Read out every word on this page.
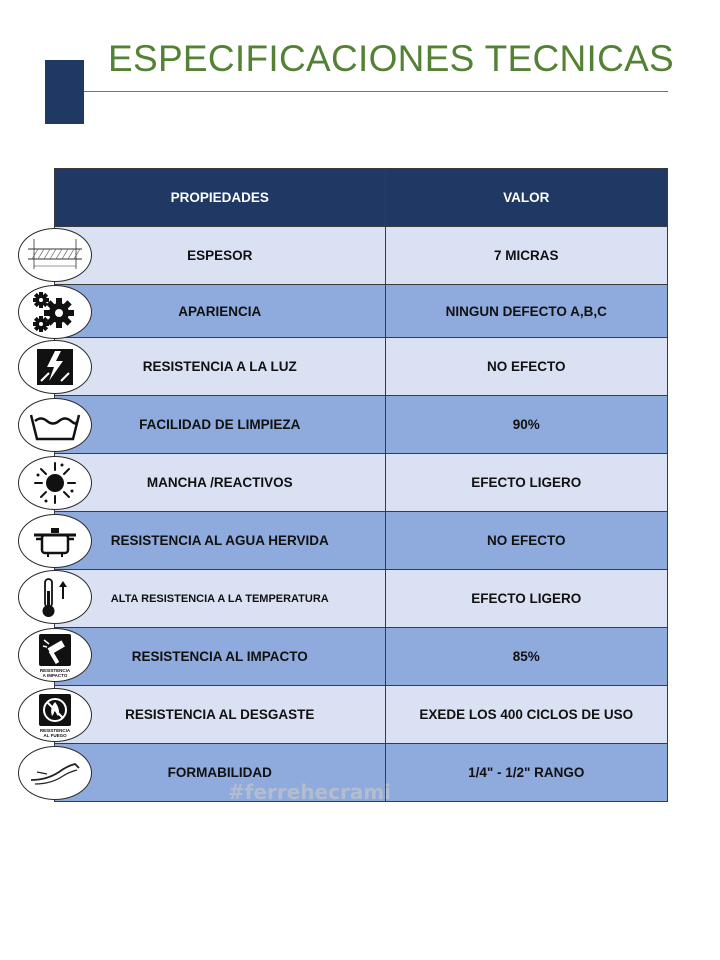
ESPECIFICACIONES TECNICAS
PROPIEDADES	VALOR
ESPESOR	7 MICRAS
APARIENCIA	NINGUN DEFECTO A,B,C
RESISTENCIA A LA LUZ	NO EFECTO
FACILIDAD DE LIMPIEZA	90%
MANCHA /REACTIVOS	EFECTO LIGERO
RESISTENCIA AL AGUA HERVIDA	NO EFECTO
ALTA RESISTENCIA A LA TEMPERATURA	EFECTO LIGERO
RESISTENCIA AL IMPACTO	85%
RESISTENCIA AL DESGASTE	EXEDE LOS 400 CICLOS DE USO
FORMABILIDAD	1/4" - 1/2" RANGO
RESISTENCIA
A IMPACTO
RESISTENCIA
AL FUEGO
#ferrehecrami
